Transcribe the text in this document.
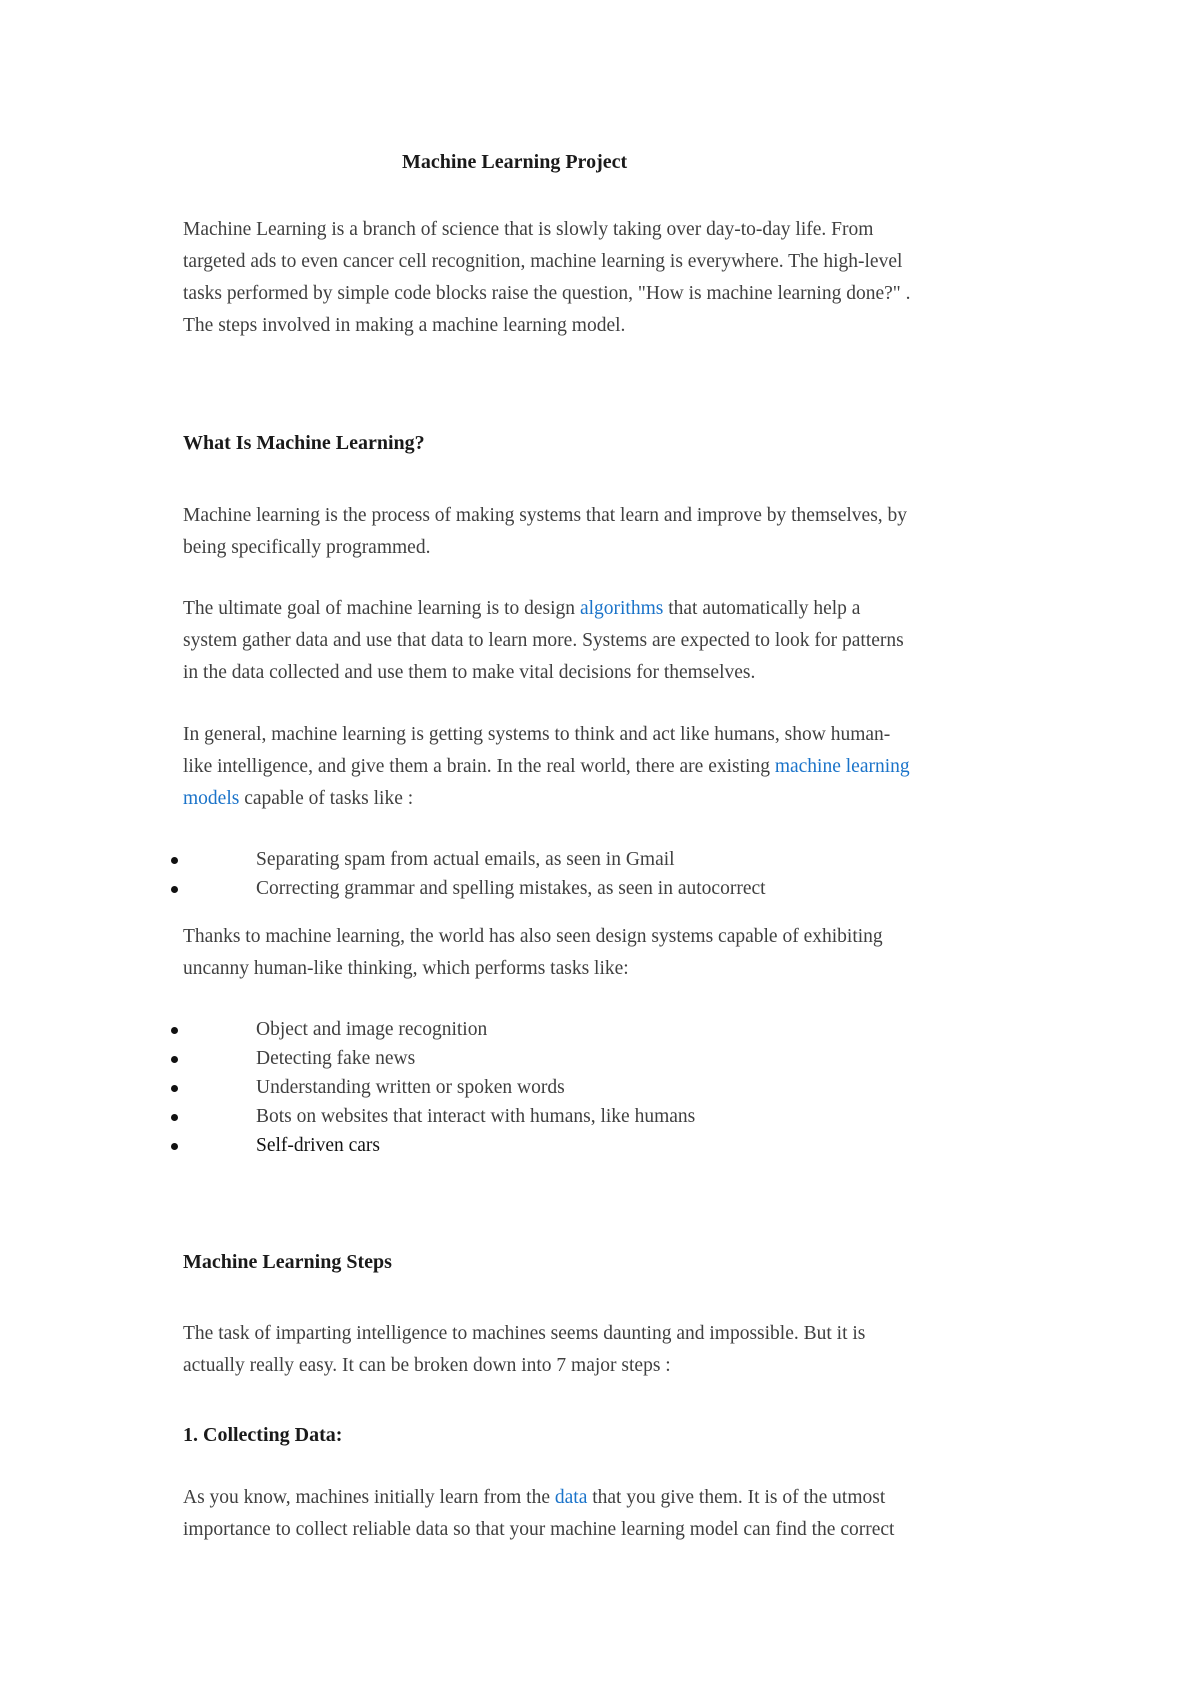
Machine Learning Project
Machine Learning is a branch of science that is slowly taking over day-to-day life. From
targeted ads to even cancer cell recognition, machine learning is everywhere. The high-level
tasks performed by simple code blocks raise the question, "How is machine learning done?" .
The steps involved in making a machine learning model.
What Is Machine Learning?
Machine learning is the process of making systems that learn and improve by themselves, by
being specifically programmed.
The ultimate goal of machine learning is to design algorithms that automatically help a
system gather data and use that data to learn more. Systems are expected to look for patterns
in the data collected and use them to make vital decisions for themselves.
In general, machine learning is getting systems to think and act like humans, show human-
like intelligence, and give them a brain. In the real world, there are existing machine learning
models capable of tasks like :
Separating spam from actual emails, as seen in Gmail
Correcting grammar and spelling mistakes, as seen in autocorrect
Thanks to machine learning, the world has also seen design systems capable of exhibiting
uncanny human-like thinking, which performs tasks like:
Object and image recognition
Detecting fake news
Understanding written or spoken words
Bots on websites that interact with humans, like humans
Self-driven cars
Machine Learning Steps
The task of imparting intelligence to machines seems daunting and impossible. But it is
actually really easy. It can be broken down into 7 major steps :
1. Collecting Data:
As you know, machines initially learn from the data that you give them. It is of the utmost
importance to collect reliable data so that your machine learning model can find the correct
